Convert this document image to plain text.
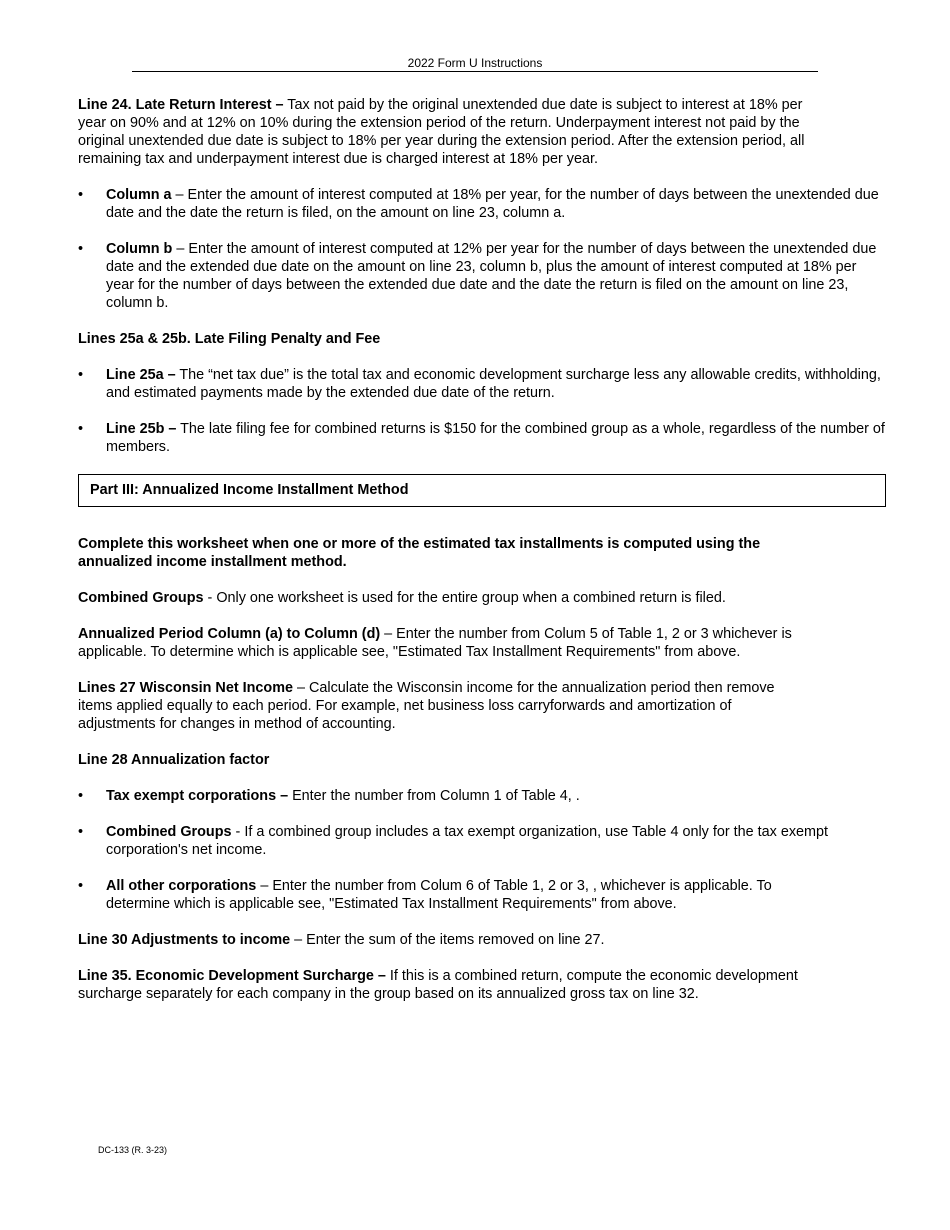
2022 Form U Instructions

Line 24. Late Return Interest – Tax not paid by the original unextended due date is subject to interest at 18% per year on 90% and at 12% on 10% during the extension period of the return. Underpayment interest not paid by the original unextended due date is subject to 18% per year during the extension period. After the extension period, all remaining tax and underpayment interest due is charged interest at 18% per year.

•	Column a – Enter the amount of interest computed at 18% per year, for the number of days between the unextended due date and the date the return is filed, on the amount on line 23, column a.
•	Column b – Enter the amount of interest computed at 12% per year for the number of days between the unextended due date and the extended due date on the amount on line 23, column b, plus the amount of interest computed at 18% per year for the number of days between the extended due date and the date the return is filed on the amount on line 23, column b.

Lines 25a & 25b. Late Filing Penalty and Fee

•	Line 25a – The “net tax due” is the total tax and economic development surcharge less any allowable credits, withholding, and estimated payments made by the extended due date of the return.
•	Line 25b – The late filing fee for combined returns is $150 for the combined group as a whole, regardless of the number of members.
Part III: Annualized Income Installment Method

Complete this worksheet when one or more of the estimated tax installments is computed using the annualized income installment method.

Combined Groups - Only one worksheet is used for the entire group when a combined return is filed.

Annualized Period Column (a) to Column (d) – Enter the number from Colum 5 of Table 1, 2 or 3 whichever is applicable. To determine which is applicable see, "Estimated Tax Installment Requirements" from above.

Lines 27 Wisconsin Net Income – Calculate the Wisconsin income for the annualization period then remove items applied equally to each period. For example, net business loss carryforwards and amortization of adjustments for changes in method of accounting.

Line 28 Annualization factor

•	Tax exempt corporations – Enter the number from Column 1 of Table 4, .
•	Combined Groups - If a combined group includes a tax exempt organization, use Table 4 only for the tax exempt corporation's net income.
•	All other corporations – Enter the number from Colum 6 of Table 1, 2 or 3, , whichever is applicable. To determine which is applicable see, "Estimated Tax Installment Requirements" from above.

Line 30 Adjustments to income – Enter the sum of the items removed on line 27.

Line 35. Economic Development Surcharge – If this is a combined return, compute the economic development surcharge separately for each company in the group based on its annualized gross tax on line 32.

DC-133 (R. 3-23)
